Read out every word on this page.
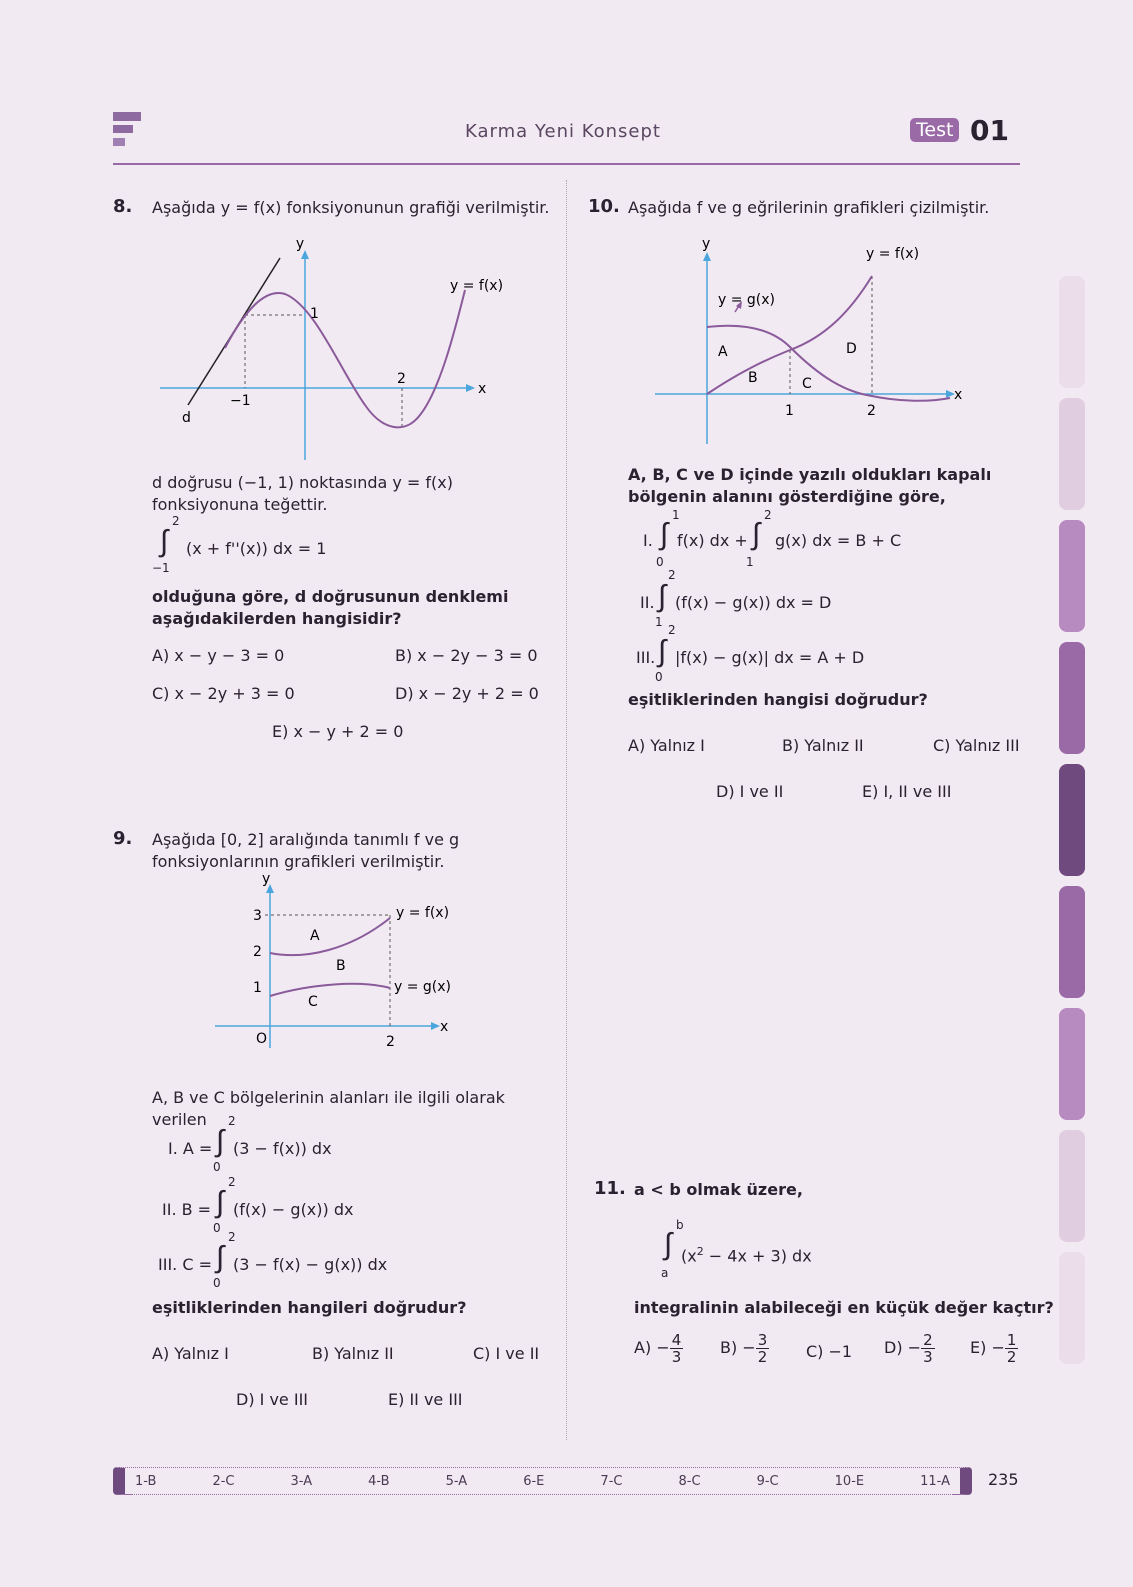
Karma Yeni Konsept	Test 01
8. Aşağıda y = f(x) fonksiyonunun grafiği verilmiştir.
y
x
y = f(x)
1
2
−1
d
d doğrusu (−1, 1) noktasında y = f(x) fonksiyonuna teğettir.
2
∫ (x + f''(x)) dx = 1
−1
olduğuna göre, d doğrusunun denklemi aşağıdakilerden hangisidir?
A) x − y − 3 = 0	B) x − 2y − 3 = 0
C) x − 2y + 3 = 0	D) x − 2y + 2 = 0
E) x − y + 2 = 0
9. Aşağıda [0, 2] aralığında tanımlı f ve g fonksiyonlarının grafikleri verilmiştir.
y
x
3
2
1
O	2
y = f(x)
y = g(x)
A
B
C
A, B ve C bölgelerinin alanları ile ilgili olarak verilen
I. A =
2
∫ (3 − f(x)) dx
0
II. B =
2
∫ (f(x) − g(x)) dx
0
III. C =
2
∫ (3 − f(x) − g(x)) dx
0
eşitliklerinden hangileri doğrudur?
A) Yalnız I	B) Yalnız II	C) I ve II
D) I ve III	E) II ve III
10. Aşağıda f ve g eğrilerinin grafikleri çizilmiştir.
y
x
y = f(x)
y = g(x)
A
B	C
D
1	2
A, B, C ve D içinde yazılı oldukları kapalı bölgenin alanını gösterdiğine göre,
I.
1
∫ f(x) dx +
0
2
∫ g(x) dx = B + C
1
II.
2
∫ (f(x) − g(x)) dx = D
1
III.
2
∫ |f(x) − g(x)| dx = A + D
0
eşitliklerinden hangisi doğrudur?
A) Yalnız I	B) Yalnız II	C) Yalnız III
D) I ve II	E) I, II ve III
11. a < b olmak üzere,
b
∫ $(x^2 - 4x + 3)$ dx
a
integralinin alabileceği en küçük değer kaçtır?
$A) - \frac{4}{3} B) - \frac{3}{2} C) -1$ $D) - \frac{2}{3} E) - \frac{1}{2}$
1-B	2-C	3-A	4-B	5-A	6-E	7-C	8-C	9-C	10-E	11-A 235
